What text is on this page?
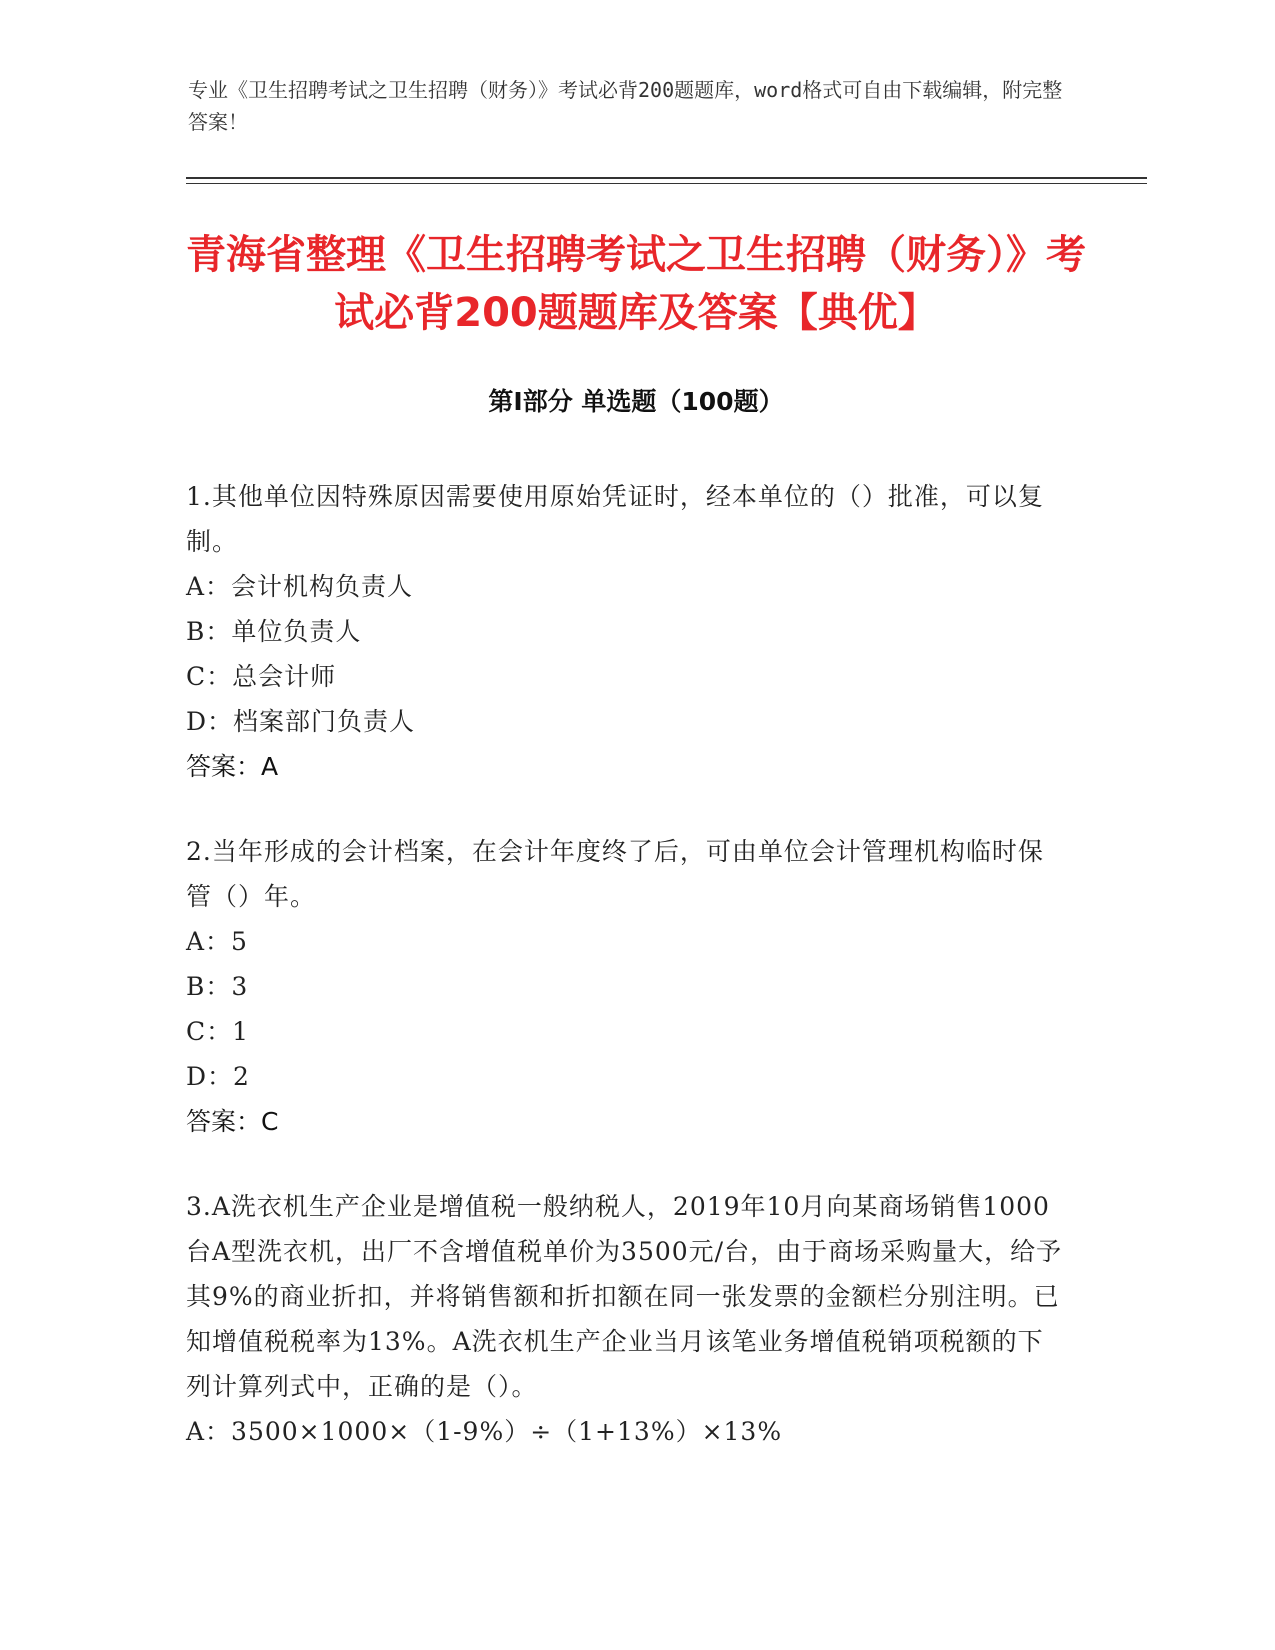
专业《卫生招聘考试之卫生招聘（财务）》考试必背200题题库，word格式可自由下载编辑，附完整答案！

青海省整理《卫生招聘考试之卫生招聘（财务）》考试必背200题题库及答案【典优】
第I部分 单选题（100题）

1.其他单位因特殊原因需要使用原始凭证时，经本单位的（）批准，可以复制。

A：会计机构负责人

B：单位负责人

C：总会计师

D：档案部门负责人

答案：A

2.当年形成的会计档案，在会计年度终了后，可由单位会计管理机构临时保管（）年。

A：5

B：3

C：1

D：2

答案：C

3.A洗衣机生产企业是增值税一般纳税人，2019年10月向某商场销售1000台A型洗衣机，出厂不含增值税单价为3500元/台，由于商场采购量大，给予其9%的商业折扣，并将销售额和折扣额在同一张发票的金额栏分别注明。已知增值税税率为13%。A洗衣机生产企业当月该笔业务增值税销项税额的下列计算列式中，正确的是（）。

A：3500×1000×（1-9%）÷（1+13%）×13%
